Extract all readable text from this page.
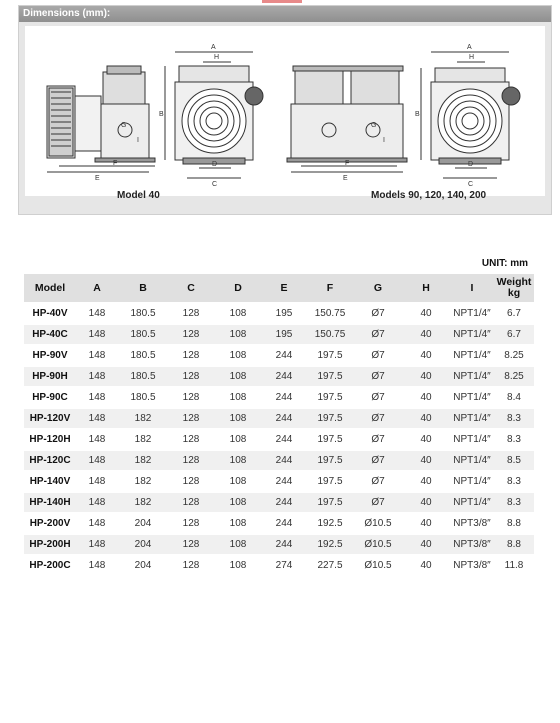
Dimensions (mm):
F
E
G
I
A
H
B
D
C
F
E
G
I
A
H
B
D
C
Model 40	Models 90, 120, 140, 200
UNIT: mm
Model	A	B	C	D	E	F	G	H	I	Weight
kg
HP-40V	148	180.5	128	108	195	150.75	Ø7	40	NPT1/4″	6.7
HP-40C	148	180.5	128	108	195	150.75	Ø7	40	NPT1/4″	6.7
HP-90V	148	180.5	128	108	244	197.5	Ø7	40	NPT1/4″	8.25
HP-90H	148	180.5	128	108	244	197.5	Ø7	40	NPT1/4″	8.25
HP-90C	148	180.5	128	108	244	197.5	Ø7	40	NPT1/4″	8.4
HP-120V	148	182	128	108	244	197.5	Ø7	40	NPT1/4″	8.3
HP-120H	148	182	128	108	244	197.5	Ø7	40	NPT1/4″	8.3
HP-120C	148	182	128	108	244	197.5	Ø7	40	NPT1/4″	8.5
HP-140V	148	182	128	108	244	197.5	Ø7	40	NPT1/4″	8.3
HP-140H	148	182	128	108	244	197.5	Ø7	40	NPT1/4″	8.3
HP-200V	148	204	128	108	244	192.5	Ø10.5	40	NPT3/8″	8.8
HP-200H	148	204	128	108	244	192.5	Ø10.5	40	NPT3/8″	8.8
HP-200C	148	204	128	108	274	227.5	Ø10.5	40	NPT3/8″	11.8
